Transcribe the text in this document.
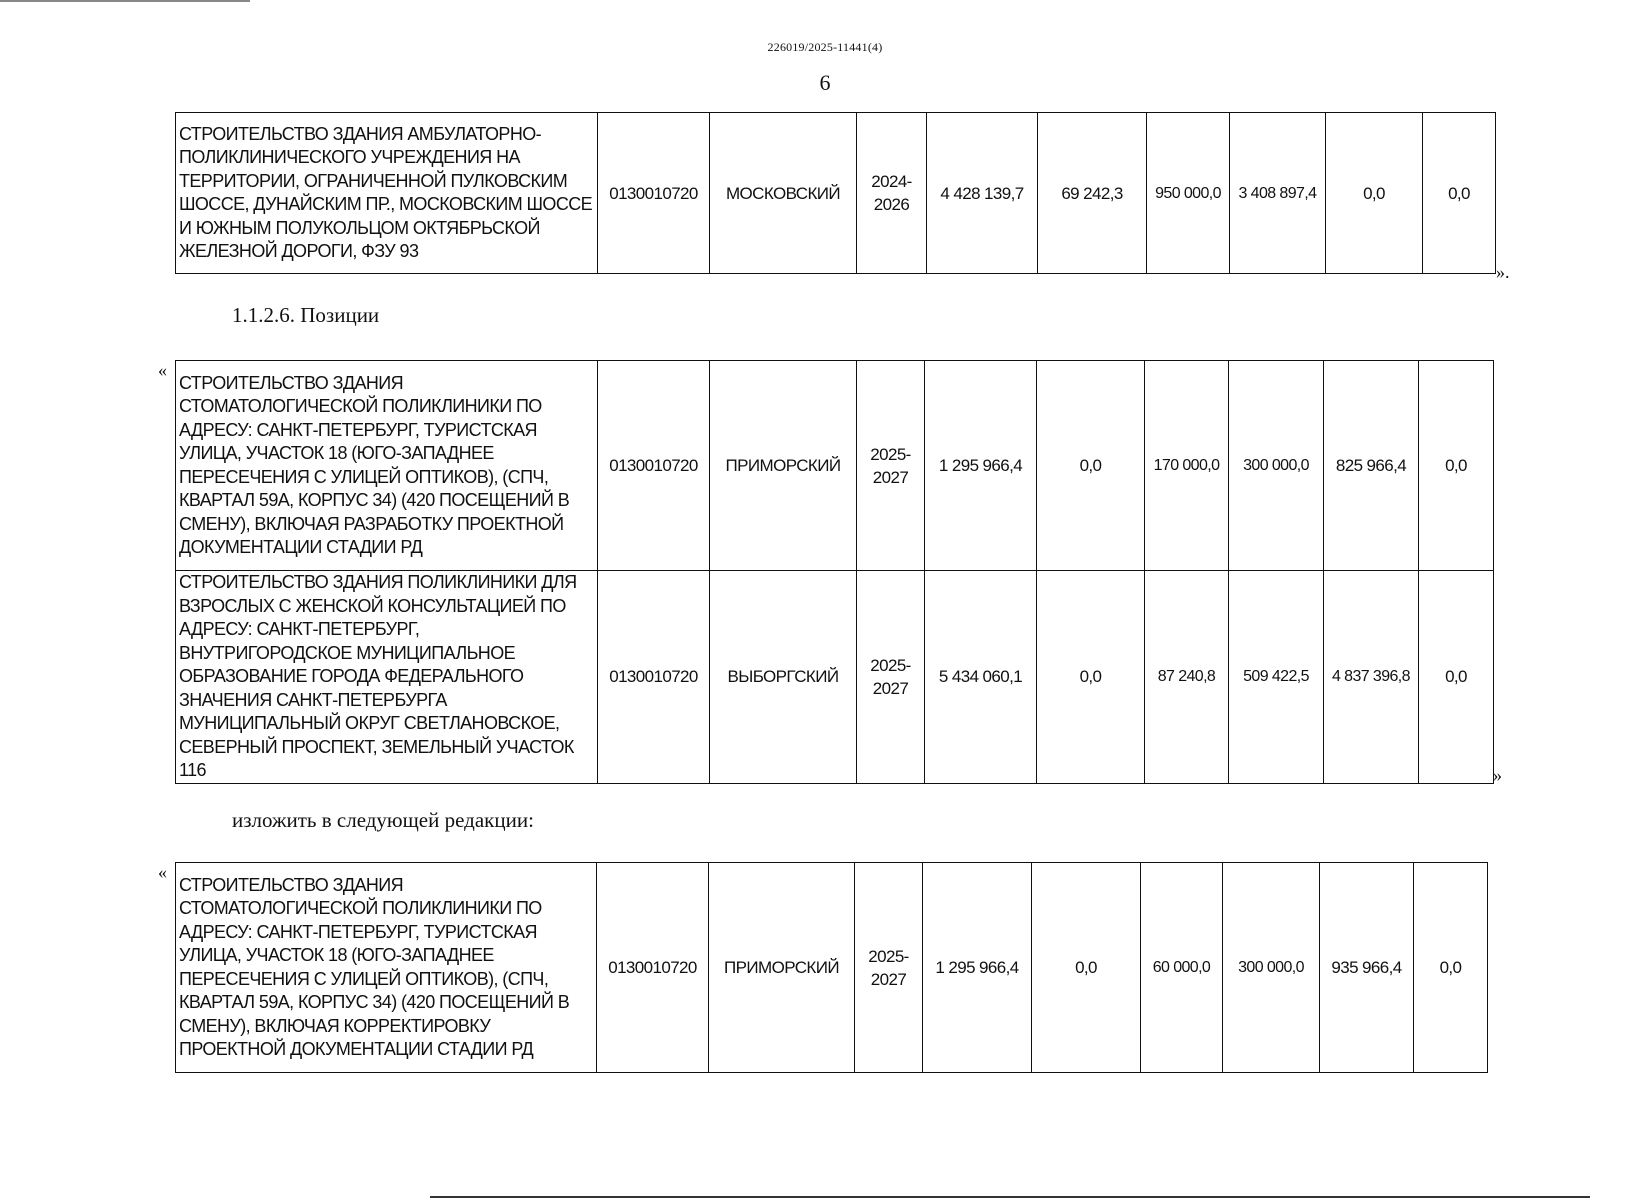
226019/2025-11441(4)
6
СТРОИТЕЛЬСТВО ЗДАНИЯ АМБУЛАТОРНО-ПОЛИКЛИНИЧЕСКОГО УЧРЕЖДЕНИЯ НА ТЕРРИТОРИИ, ОГРАНИЧЕННОЙ ПУЛКОВСКИМ ШОССЕ, ДУНАЙСКИМ ПР., МОСКОВСКИМ ШОССЕ И ЮЖНЫМ ПОЛУКОЛЬЦОМ ОКТЯБРЬСКОЙ ЖЕЛЕЗНОЙ ДОРОГИ, ФЗУ 93	0130010720	МОСКОВСКИЙ	2024-2026	4 428 139,7	69 242,3	950 000,0	3 408 897,4	0,0	0,0
».
1.1.2.6. Позиции
«
СТРОИТЕЛЬСТВО ЗДАНИЯ СТОМАТОЛОГИЧЕСКОЙ ПОЛИКЛИНИКИ ПО АДРЕСУ: САНКТ-ПЕТЕРБУРГ, ТУРИСТСКАЯ УЛИЦА, УЧАСТОК 18 (ЮГО-ЗАПАДНЕЕ ПЕРЕСЕЧЕНИЯ С УЛИЦЕЙ ОПТИКОВ), (СПЧ, КВАРТАЛ 59А, КОРПУС 34) (420 ПОСЕЩЕНИЙ В СМЕНУ), ВКЛЮЧАЯ РАЗРАБОТКУ ПРОЕКТНОЙ ДОКУМЕНТАЦИИ СТАДИИ РД	0130010720	ПРИМОРСКИЙ	2025-2027	1 295 966,4	0,0	170 000,0	300 000,0	825 966,4	0,0
СТРОИТЕЛЬСТВО ЗДАНИЯ ПОЛИКЛИНИКИ ДЛЯ ВЗРОСЛЫХ С ЖЕНСКОЙ КОНСУЛЬТАЦИЕЙ ПО АДРЕСУ: САНКТ-ПЕТЕРБУРГ, ВНУТРИГОРОДСКОЕ МУНИЦИПАЛЬНОЕ ОБРАЗОВАНИЕ ГОРОДА ФЕДЕРАЛЬНОГО ЗНАЧЕНИЯ САНКТ-ПЕТЕРБУРГА МУНИЦИПАЛЬНЫЙ ОКРУГ СВЕТЛАНОВСКОЕ, СЕВЕРНЫЙ ПРОСПЕКТ, ЗЕМЕЛЬНЫЙ УЧАСТОК 116	0130010720	ВЫБОРГСКИЙ	2025-2027	5 434 060,1	0,0	87 240,8	509 422,5	4 837 396,8	0,0
»
изложить в следующей редакции:
«
СТРОИТЕЛЬСТВО ЗДАНИЯ СТОМАТОЛОГИЧЕСКОЙ ПОЛИКЛИНИКИ ПО АДРЕСУ: САНКТ-ПЕТЕРБУРГ, ТУРИСТСКАЯ УЛИЦА, УЧАСТОК 18 (ЮГО-ЗАПАДНЕЕ ПЕРЕСЕЧЕНИЯ С УЛИЦЕЙ ОПТИКОВ), (СПЧ, КВАРТАЛ 59А, КОРПУС 34) (420 ПОСЕЩЕНИЙ В СМЕНУ), ВКЛЮЧАЯ КОРРЕКТИРОВКУ ПРОЕКТНОЙ ДОКУМЕНТАЦИИ СТАДИИ РД	0130010720	ПРИМОРСКИЙ	2025-2027	1 295 966,4	0,0	60 000,0	300 000,0	935 966,4	0,0
